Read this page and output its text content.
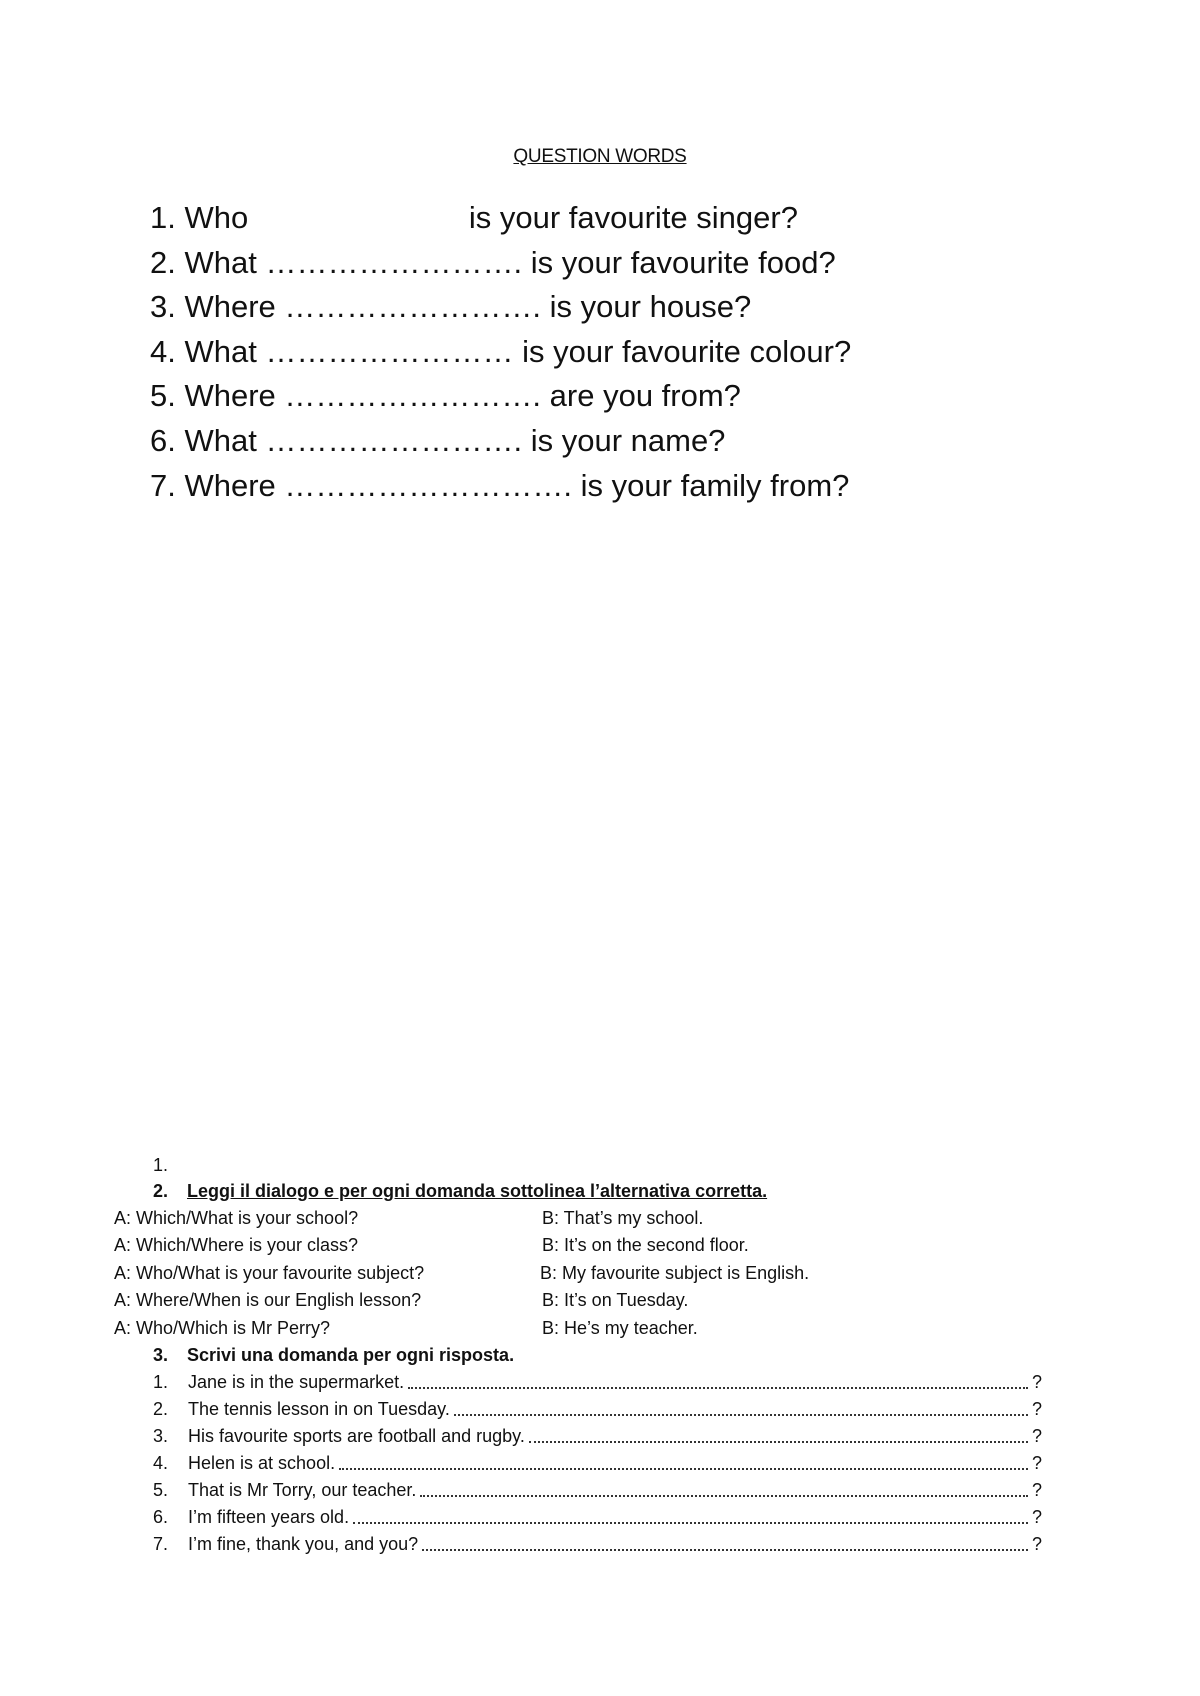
QUESTION WORDS
1. Who	is your favourite singer?
2. What ……………………. is your favourite food?
3. Where ……………………. is your house?
4. What …………………… is your favourite colour?
5. Where ……………………. are you from?
6. What ……………………. is your name?
7. Where ………………………. is your family from?
1.
2. Leggi il dialogo e per ogni domanda sottolinea l’alternativa corretta.
A: Which/What is your school?	B: That’s my school.
A: Which/Where is your class?	B: It’s on the second floor.
A: Who/What is your favourite subject?	B: My favourite subject is English.
A: Where/When is our English lesson?	B: It’s on Tuesday.
A: Who/Which is Mr Perry?	B: He’s my teacher.
3. Scrivi una domanda per ogni risposta.
1. Jane is in the supermarket.	?
2. The tennis lesson in on Tuesday.	?
3. His favourite sports are football and rugby.	?
4. Helen is at school.	?
5. That is Mr Torry, our teacher.	?
6. I’m fifteen years old.	?
7. I’m fine, thank you, and you?	?
